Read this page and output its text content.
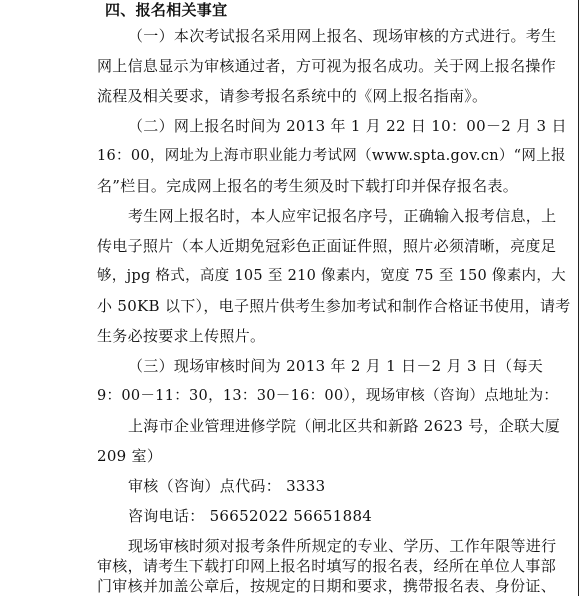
四、报名相关事宜
（一）本次考试报名采用网上报名、现场审核的方式进行。考生
网上信息显示为审核通过者，方可视为报名成功。关于网上报名操作
流程及相关要求，请参考报名系统中的《网上报名指南》。
（二）网上报名时间为 2013 年 1 月 22 日 10：00－2 月 3 日
16：00，网址为上海市职业能力考试网（www.spta.gov.cn）“网上报
名”栏目。完成网上报名的考生须及时下载打印并保存报名表。
考生网上报名时，本人应牢记报名序号，正确输入报考信息，上
传电子照片（本人近期免冠彩色正面证件照，照片必须清晰，亮度足
够，jpg 格式，高度 105 至 210 像素内，宽度 75 至 150 像素内，大
小 50KB 以下），电子照片供考生参加考试和制作合格证书使用，请考
生务必按要求上传照片。
（三）现场审核时间为 2013 年 2 月 1 日－2 月 3 日（每天
9：00－11：30，13：30－16：00），现场审核（咨询）点地址为：
上海市企业管理进修学院（闸北区共和新路 2623 号，企联大厦
209 室）
审核（咨询）点代码： 3333
咨询电话： 56652022 56651884
现场审核时须对报考条件所规定的专业、学历、工作年限等进行
审核，请考生下载打印网上报名时填写的报名表，经所在单位人事部
门审核并加盖公章后，按规定的日期和要求，携带报名表、身份证、
